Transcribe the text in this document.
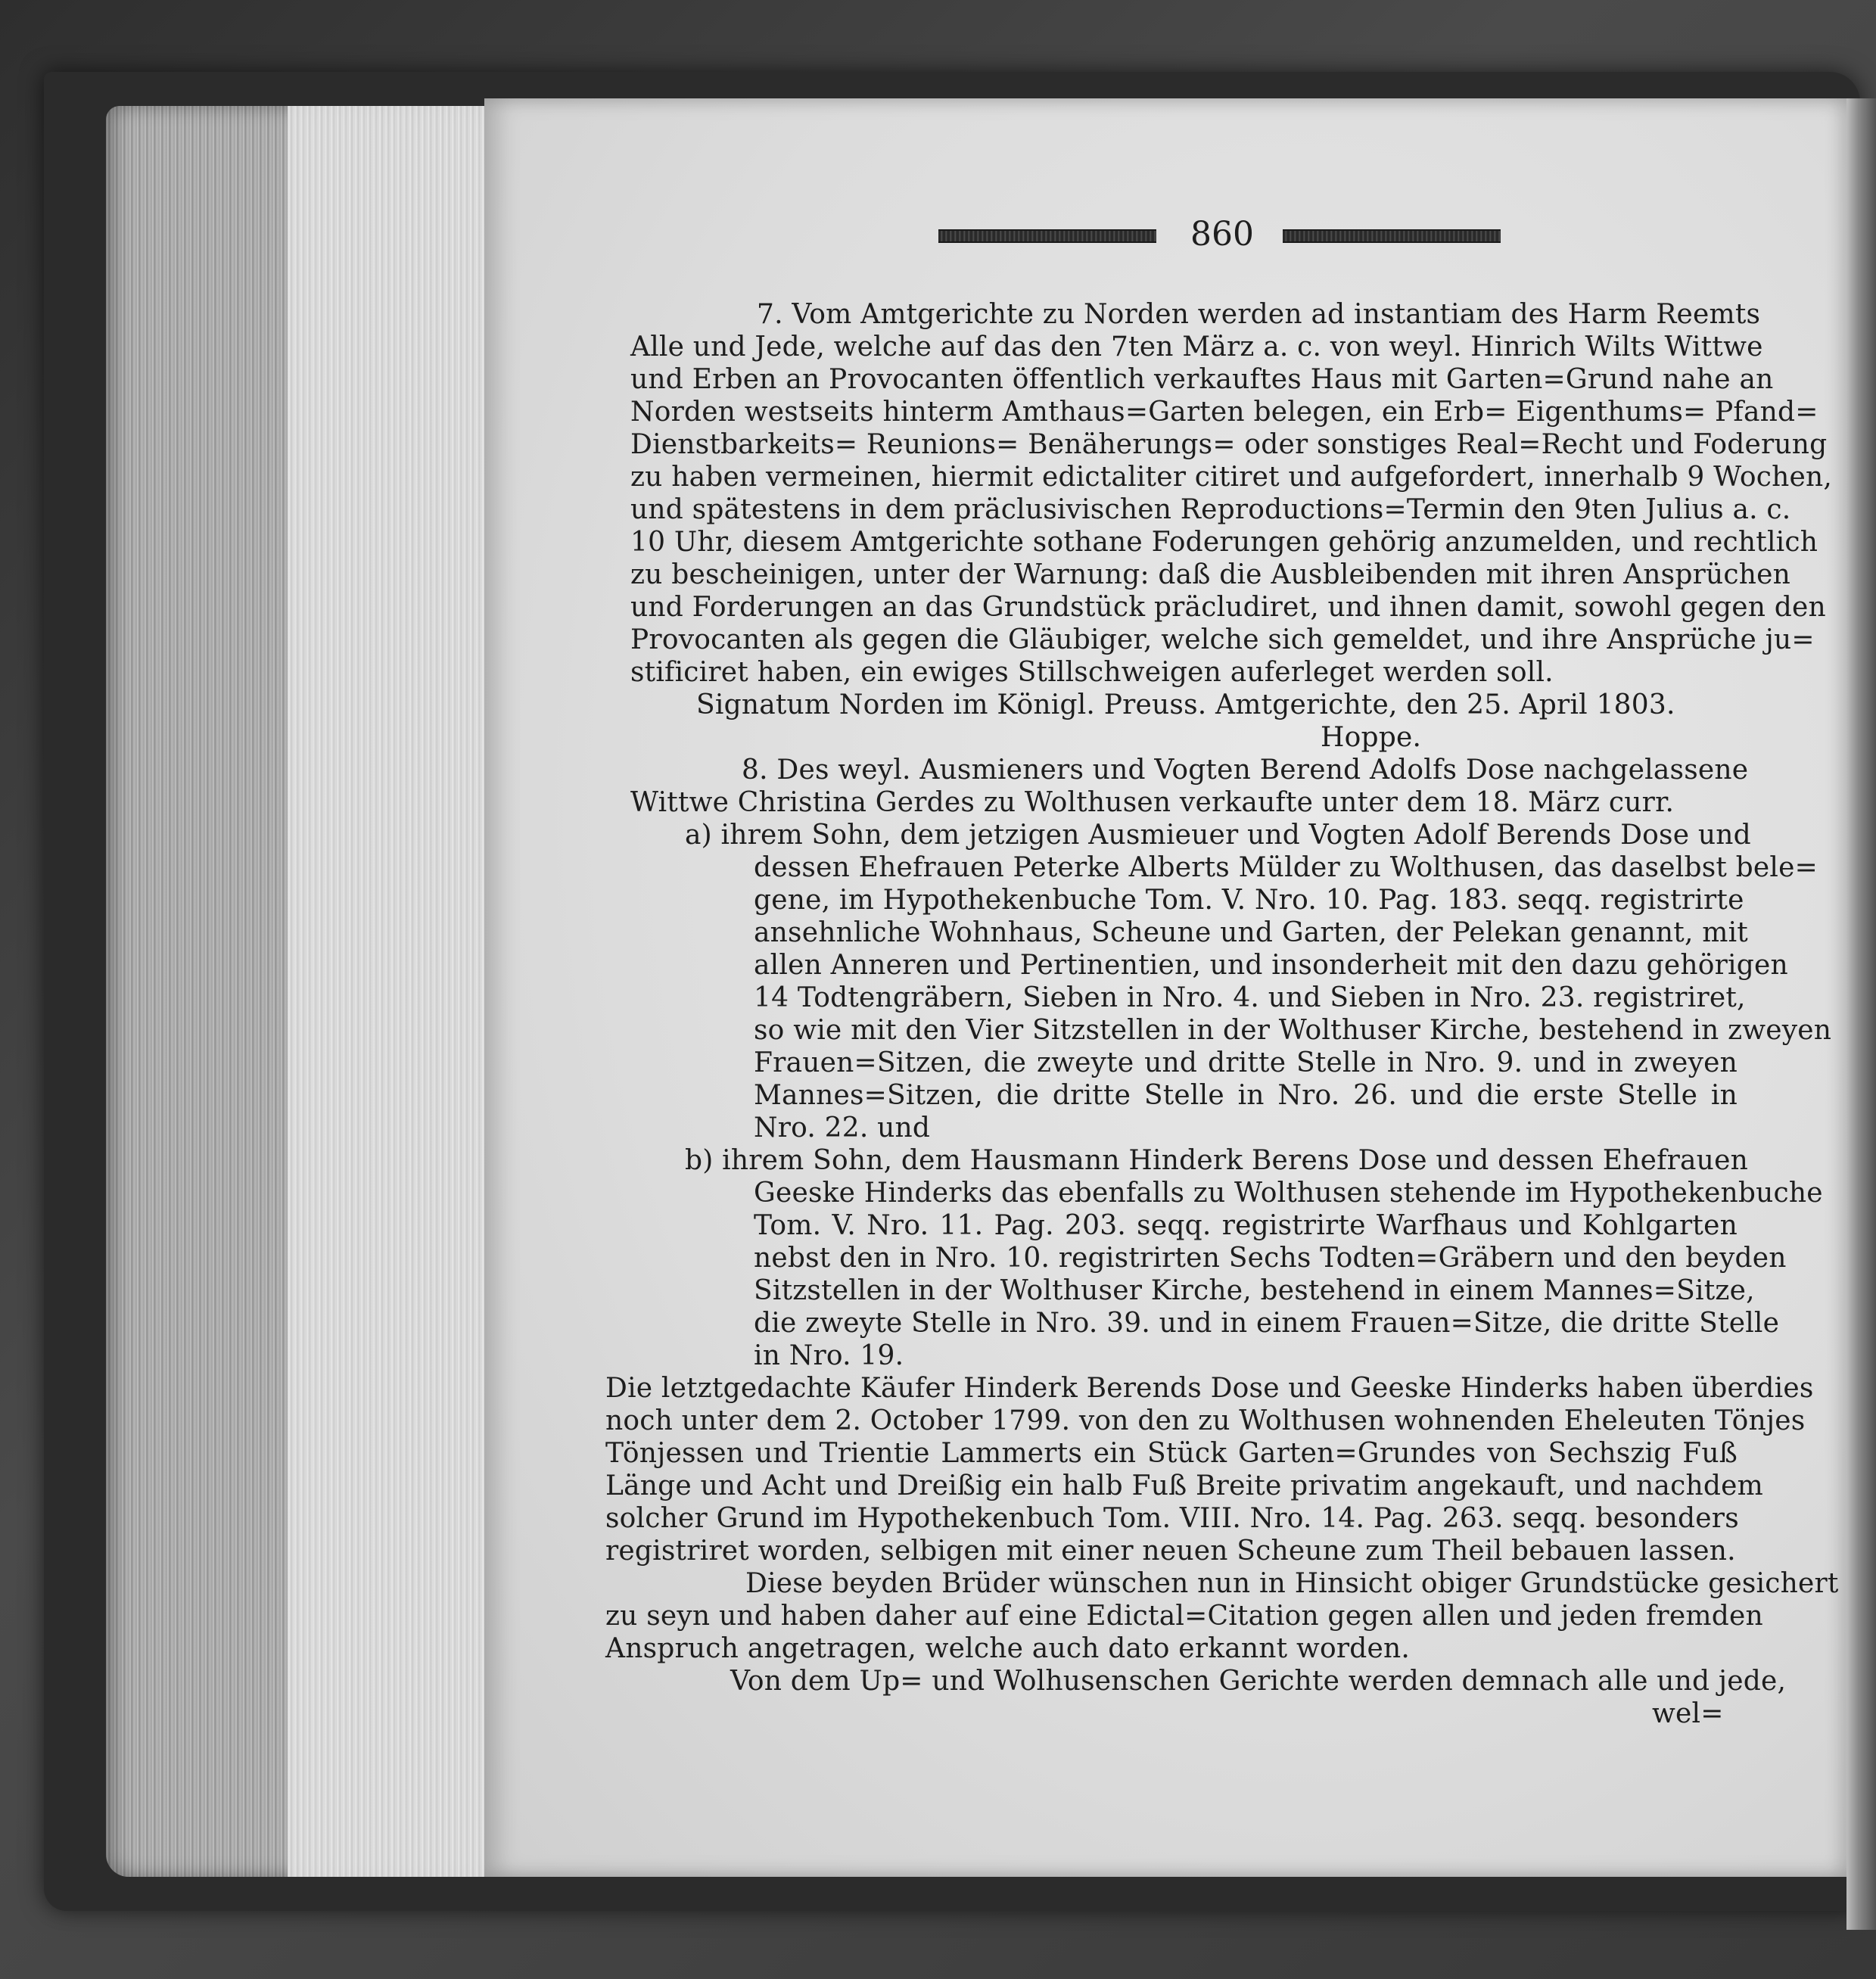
860
7. Vom Amtgerichte zu Norden werden ad instantiam des Harm Reemts
Alle und Jede, welche auf das den 7ten März a. c. von weyl. Hinrich Wilts Wittwe
und Erben an Provocanten öffentlich verkauftes Haus mit Garten=Grund nahe an
Norden westseits hinterm Amthaus=Garten belegen, ein Erb= Eigenthums= Pfand=
Dienstbarkeits= Reunions= Benäherungs= oder sonstiges Real=Recht und Foderung
zu haben vermeinen, hiermit edictaliter citiret und aufgefordert, innerhalb 9 Wochen,
und spätestens in dem präclusivischen Reproductions=Termin den 9ten Julius a. c.
10 Uhr, diesem Amtgerichte sothane Foderungen gehörig anzumelden, und rechtlich
zu bescheinigen, unter der Warnung: daß die Ausbleibenden mit ihren Ansprüchen
und Forderungen an das Grundstück präcludiret, und ihnen damit, sowohl gegen den
Provocanten als gegen die Gläubiger, welche sich gemeldet, und ihre Ansprüche ju=
stificiret haben, ein ewiges Stillschweigen auferleget werden soll.
Signatum Norden im Königl. Preuss. Amtgerichte, den 25. April 1803.
Hoppe.
8. Des weyl. Ausmieners und Vogten Berend Adolfs Dose nachgelassene
Wittwe Christina Gerdes zu Wolthusen verkaufte unter dem 18. März curr.
a) ihrem Sohn, dem jetzigen Ausmieuer und Vogten Adolf Berends Dose und
dessen Ehefrauen Peterke Alberts Mülder zu Wolthusen, das daselbst bele=
gene, im Hypothekenbuche Tom. V. Nro. 10. Pag. 183. seqq. registrirte
ansehnliche Wohnhaus, Scheune und Garten, der Pelekan genannt, mit
allen Anneren und Pertinentien, und insonderheit mit den dazu gehörigen
14 Todtengräbern, Sieben in Nro. 4. und Sieben in Nro. 23. registriret,
so wie mit den Vier Sitzstellen in der Wolthuser Kirche, bestehend in zweyen
Frauen=Sitzen, die zweyte und dritte Stelle in Nro. 9. und in zweyen
Mannes=Sitzen, die dritte Stelle in Nro. 26. und die erste Stelle in
Nro. 22. und
b) ihrem Sohn, dem Hausmann Hinderk Berens Dose und dessen Ehefrauen
Geeske Hinderks das ebenfalls zu Wolthusen stehende im Hypothekenbuche
Tom. V. Nro. 11. Pag. 203. seqq. registrirte Warfhaus und Kohlgarten
nebst den in Nro. 10. registrirten Sechs Todten=Gräbern und den beyden
Sitzstellen in der Wolthuser Kirche, bestehend in einem Mannes=Sitze,
die zweyte Stelle in Nro. 39. und in einem Frauen=Sitze, die dritte Stelle
in Nro. 19.
Die letztgedachte Käufer Hinderk Berends Dose und Geeske Hinderks haben überdies
noch unter dem 2. October 1799. von den zu Wolthusen wohnenden Eheleuten Tönjes
Tönjessen und Trientie Lammerts ein Stück Garten=Grundes von Sechszig Fuß
Länge und Acht und Dreißig ein halb Fuß Breite privatim angekauft, und nachdem
solcher Grund im Hypothekenbuch Tom. VIII. Nro. 14. Pag. 263. seqq. besonders
registriret worden, selbigen mit einer neuen Scheune zum Theil bebauen lassen.
Diese beyden Brüder wünschen nun in Hinsicht obiger Grundstücke gesichert
zu seyn und haben daher auf eine Edictal=Citation gegen allen und jeden fremden
Anspruch angetragen, welche auch dato erkannt worden.
Von dem Up= und Wolhusenschen Gerichte werden demnach alle und jede,
wel=
